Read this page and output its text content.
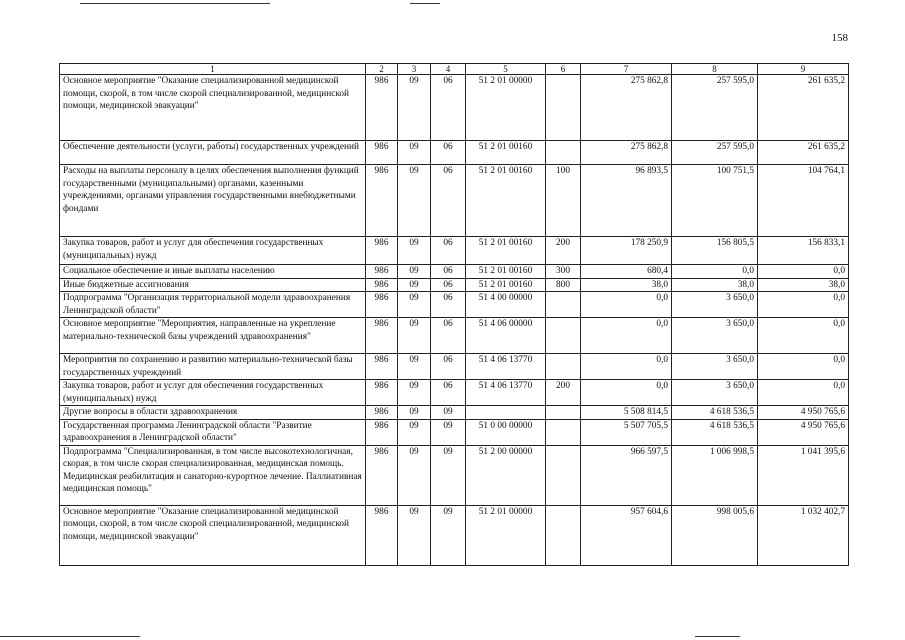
158
1	2	3	4	5	6	7	8	9
Основное мероприятие "Оказание специализированной медицинской помощи, скорой, в том числе скорой специализированной, медицинской помощи, медицинской эвакуации"	986	09	06	51 2 01 00000		275 862,8	257 595,0	261 635,2
Обеспечение деятельности (услуги, работы) государственных учреждений	986	09	06	51 2 01 00160		275 862,8	257 595,0	261 635,2
Расходы на выплаты персоналу в целях обеспечения выполнения функций государственными (муниципальными) органами, казенными учреждениями, органами управления государственными внебюджетными фондами	986	09	06	51 2 01 00160	100	96 893,5	100 751,5	104 764,1
Закупка товаров, работ и услуг для обеспечения государственных (муниципальных) нужд	986	09	06	51 2 01 00160	200	178 250,9	156 805,5	156 833,1
Социальное обеспечение и иные выплаты населению	986	09	06	51 2 01 00160	300	680,4	0,0	0,0
Иные бюджетные ассигнования	986	09	06	51 2 01 00160	800	38,0	38,0	38,0
Подпрограмма "Организация территориальной модели здравоохранения Ленинградской области"	986	09	06	51 4 00 00000		0,0	3 650,0	0,0
Основное мероприятие "Мероприятия, направленные на укрепление материально-технической базы учреждений здравоохранения"	986	09	06	51 4 06 00000		0,0	3 650,0	0,0
Мероприятия по сохранению и развитию материально-технической базы государственных учреждений	986	09	06	51 4 06 13770		0,0	3 650,0	0,0
Закупка товаров, работ и услуг для обеспечения государственных (муниципальных) нужд	986	09	06	51 4 06 13770	200	0,0	3 650,0	0,0
Другие вопросы в области здравоохранения	986	09	09			5 508 814,5	4 618 536,5	4 950 765,6
Государственная программа Ленинградской области "Развитие здравоохранения в Ленинградской области"	986	09	09	51 0 00 00000		5 507 705,5	4 618 536,5	4 950 765,6
Подпрограмма "Специализированная, в том числе высокотехнологичная, скорая, в том числе скорая специализированная, медицинская помощь. Медицинская реабилитация и санаторно-курортное лечение. Паллиативная медицинская помощь"	986	09	09	51 2 00 00000		966 597,5	1 006 998,5	1 041 395,6
Основное мероприятие "Оказание специализированной медицинской помощи, скорой, в том числе скорой специализированной, медицинской помощи, медицинской эвакуации"	986	09	09	51 2 01 00000		957 604,6	998 005,6	1 032 402,7
